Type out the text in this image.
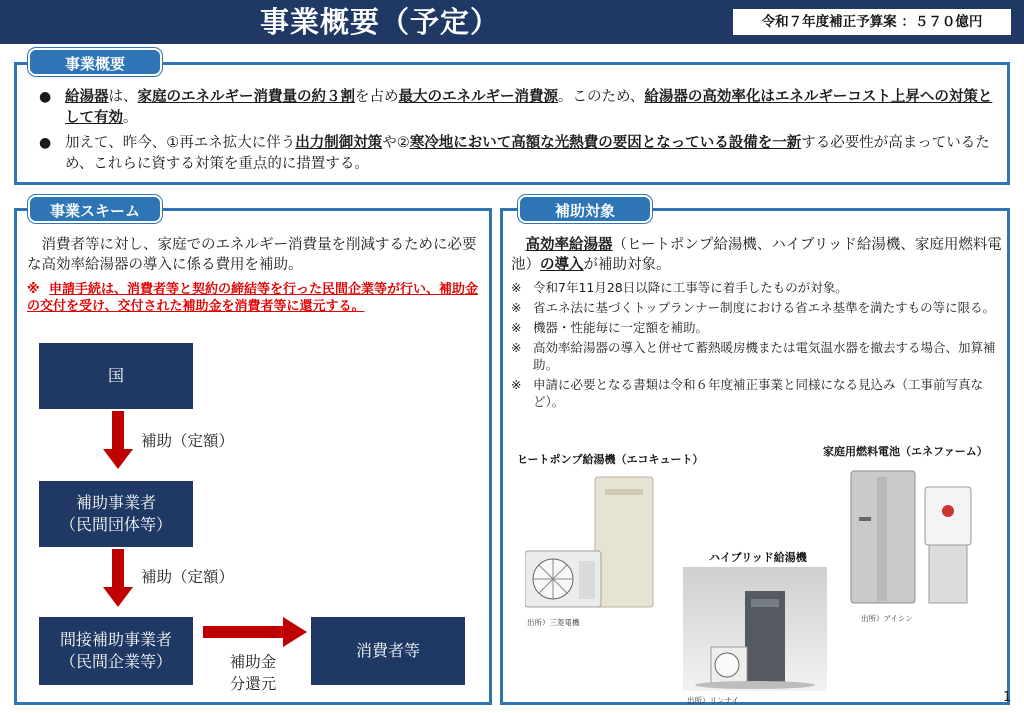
事業概要（予定）	令和７年度補正予算案 ：５７０億円
● 給湯器は、家庭のエネルギー消費量の約３割を占め最大のエネルギー消費源。このため、給湯器の高効率化はエネルギーコスト上昇への対策として有効。
● 加えて、昨今、①再エネ拡大に伴う出力制御対策や②寒冷地において高額な光熱費の要因となっている設備を一新する必要性が高まっているため、これらに資する対策を重点的に措置する。
事業概要
消費者等に対し、家庭でのエネルギー消費量を削減するために必要な高効率給湯器の導入に係る費用を補助。
※ 申請手続は、消費者等と契約の締結等を行った民間企業等が行い、補助金の交付を受け、交付された補助金を消費者等に還元する。
国
補助（定額）
補助事業者
（民間団体等）
補助（定額）
間接補助事業者
（民間企業等）	補助金
分還元
消費者等
事業スキーム
高効率給湯器（ヒートポンプ給湯機、ハイブリッド給湯機、家庭用燃料電池）の導入が補助対象。
※ 令和7年11月28日以降に工事等に着手したものが対象。
※ 省エネ法に基づくトップランナー制度における省エネ基準を満たすもの等に限る。
※ 機器・性能毎に一定額を補助。
※ 高効率給湯器の導入と併せて蓄熱暖房機または電気温水器を撤去する場合、加算補助。
※ 申請に必要となる書類は令和６年度補正事業と同様になる見込み（工事前写真など）。
ヒートポンプ給湯機（エコキュート）
ハイブリッド給湯機
家庭用燃料電池（エネファーム）
出所）三菱電機
出所）リンナイ
出所）アイシン
補助対象
1
